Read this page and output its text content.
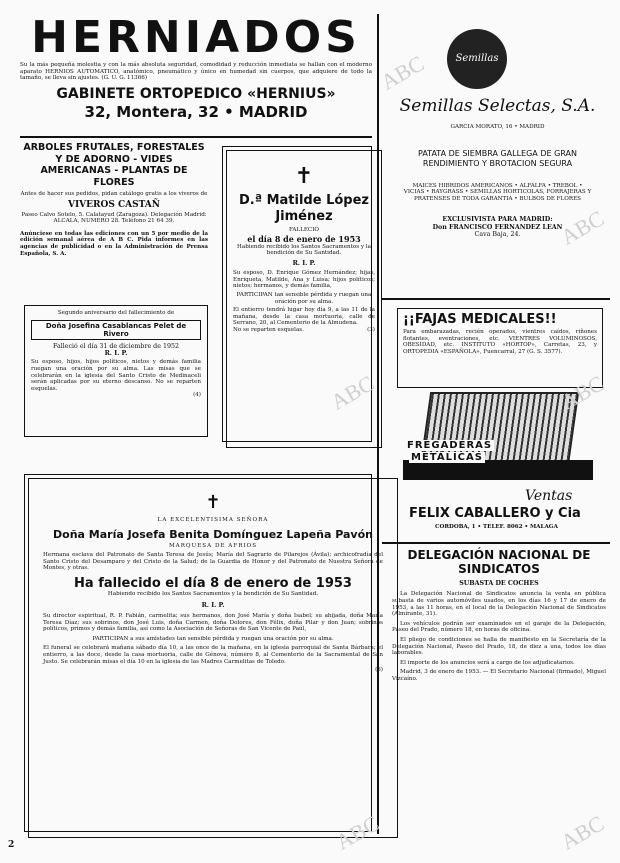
HERNIADOS

Su la más pequeña molestia y con la más absoluta seguridad, comodidad y reducción inmediata se hallan con el moderno aparato HERNIOS AUTOMATICO, anatómico, pneumático y único en humedad sin cuerpos, que adquiere de todo la tamaño, se lleva sin ajustes. (G. U. G. 11366)

GABINETE ORTOPEDICO «HERNIUS»
32, Montera, 32 • MADRID
Semillas

Semillas Selectas, S.A.

GARCIA MORATO, 16 • MADRID

PATATA DE SIEMBRA GALLEGA DE GRAN RENDIMIENTO Y BROTACION SEGURA

MAICES HIBRIDOS AMERICANOS • ALFALFA • TREBOL • VICIAS • RAYGRASS • SEMILLAS HORTICOLAS, FORRAJERAS Y PRATENSES DE TODA GARANTIA • BULBOS DE FLORES

EXCLUSIVISTA PARA MADRID:

Don FRANCISCO FERNANDEZ LEAN

Cava Baja, 24.

ARBOLES FRUTALES, FORESTALES Y DE ADORNO - VIDES AMERICANAS - PLANTAS DE FLORES

Antes de hacer sus pedidos, pidan catálogo gratis a los viveros de

VIVEROS CASTAÑ

Paseo Calvo Sotelo, 5. Calatayud (Zaragoza). Delegación Madrid: ALCALA, NUMERO 28. Teléfono 21 64 39.

Anúnciese en todas las ediciones con un 5 por medio de la edición semanal aérea de A B C. Pida informes en las agencias de publicidad o en la Administración de Prensa Española, S. A.

Segundo aniversario del fallecimiento de

Doña Josefina Casablancas Pelet de Rivero

Falleció el día 31 de diciembre de 1952

R. I. P.

Su esposo, hijos, hijos políticos, nietos y demás familia ruegan una oración por su alma. Las misas que se celebrarán en la iglesia del Santo Cristo de Medinaceli serán aplicadas por su eterno descanso. No se reparten esquelas.

(4)

✝

D.ª Matilde López Jiménez

FALLECIÓ

el día 8 de enero de 1953

Habiendo recibido los Santos Sacramentos y la bendición de Su Santidad.

R. I. P.

Su esposo, D. Enrique Gómez Hernández; hijas, Enriqueta, Matilde, Ana y Luisa; hijos políticos; nietos; hermanos, y demás familia,

PARTICIPAN tan sensible pérdida y ruegan una oración por su alma.

El entierro tendrá lugar hoy día 9, a las 11 de la mañana, desde la casa mortuoria, calle de Serrano, 20, al Cementerio de la Almudena.

No se reparten esquelas.	(3)

¡¡FAJAS MEDICALES!!

Para embarazadas, recién operados, vientres caídos, riñones flotantes, eventraciones, etc. VIENTRES VOLUMINOSOS, OBESIDAD, etc. INSTITUTO «HORTOP», Carretas, 23, y ORTOPEDIA «ESPAÑOLA», Fuencarral, 27 (G. S. 3577).

FREGADERAS

METÁLICAS

Ventas

FELIX CABALLERO y Cia

CORDOBA, 1 • TELEF. 8062 • MALAGA

✝

LA EXCELENTISIMA SEÑORA

Doña María Josefa Benita Domínguez Lapeña Pavón

MARQUESA DE AFRIOS

Hermana esclava del Patronato de Santa Teresa de Jesús; María del Sagrario de Pilarejos (Ávila); archicofradía del Santo Cristo del Desamparo y del Cristo de la Salud; de la Guardia de Honor y del Patronato de Nuestra Señora de Montes, y otras.

Ha fallecido el día 8 de enero de 1953

Habiendo recibido los Santos Sacramentos y la bendición de Su Santidad.

R. I. P.

Su director espiritual, R. P. Fabián, carmelita; sus hermanos, don José María y doña Isabel; su ahijada, doña María Teresa Díaz; sus sobrinos, don José Luis, doña Carmen, doña Dolores, don Félix, doña Pilar y don Juan; sobrinos políticos, primos y demás familia, así como la Asociación de Señoras de San Vicente de Paúl,

PARTICIPAN a sus amistades tan sensible pérdida y ruegan una oración por su alma.

El funeral se celebrará mañana sábado día 10, a las once de la mañana, en la iglesia parroquial de Santa Bárbara; el entierro, a las doce, desde la casa mortuoria, calle de Génova, número 8, al Cementerio de la Sacramental de San Justo. Se celebrarán misas el día 10 en la iglesia de las Madres Carmelitas de Toledo.

(6)

DELEGACIÓN NACIONAL DE SINDICATOS

SUBASTA DE COCHES

La Delegación Nacional de Sindicatos anuncia la venta en pública subasta de varios automóviles usados, en los días 16 y 17 de enero de 1953, a las 11 horas, en el local de la Delegación Nacional de Sindicatos (Almirante, 31).

Los vehículos podrán ser examinados en el garaje de la Delegación, Paseo del Prado, número 18, en horas de oficina.

El pliego de condiciones se halla de manifiesto en la Secretaría de la Delegación Nacional, Paseo del Prado, 18, de diez a una, todos los días laborables.

El importe de los anuncios será a cargo de los adjudicatarios.

Madrid, 3 de enero de 1953. — El Secretario Nacional (firmado), Miguel Vizcaíno.

2
ABC
ABC
ABC	ABC
ABC	ABC
